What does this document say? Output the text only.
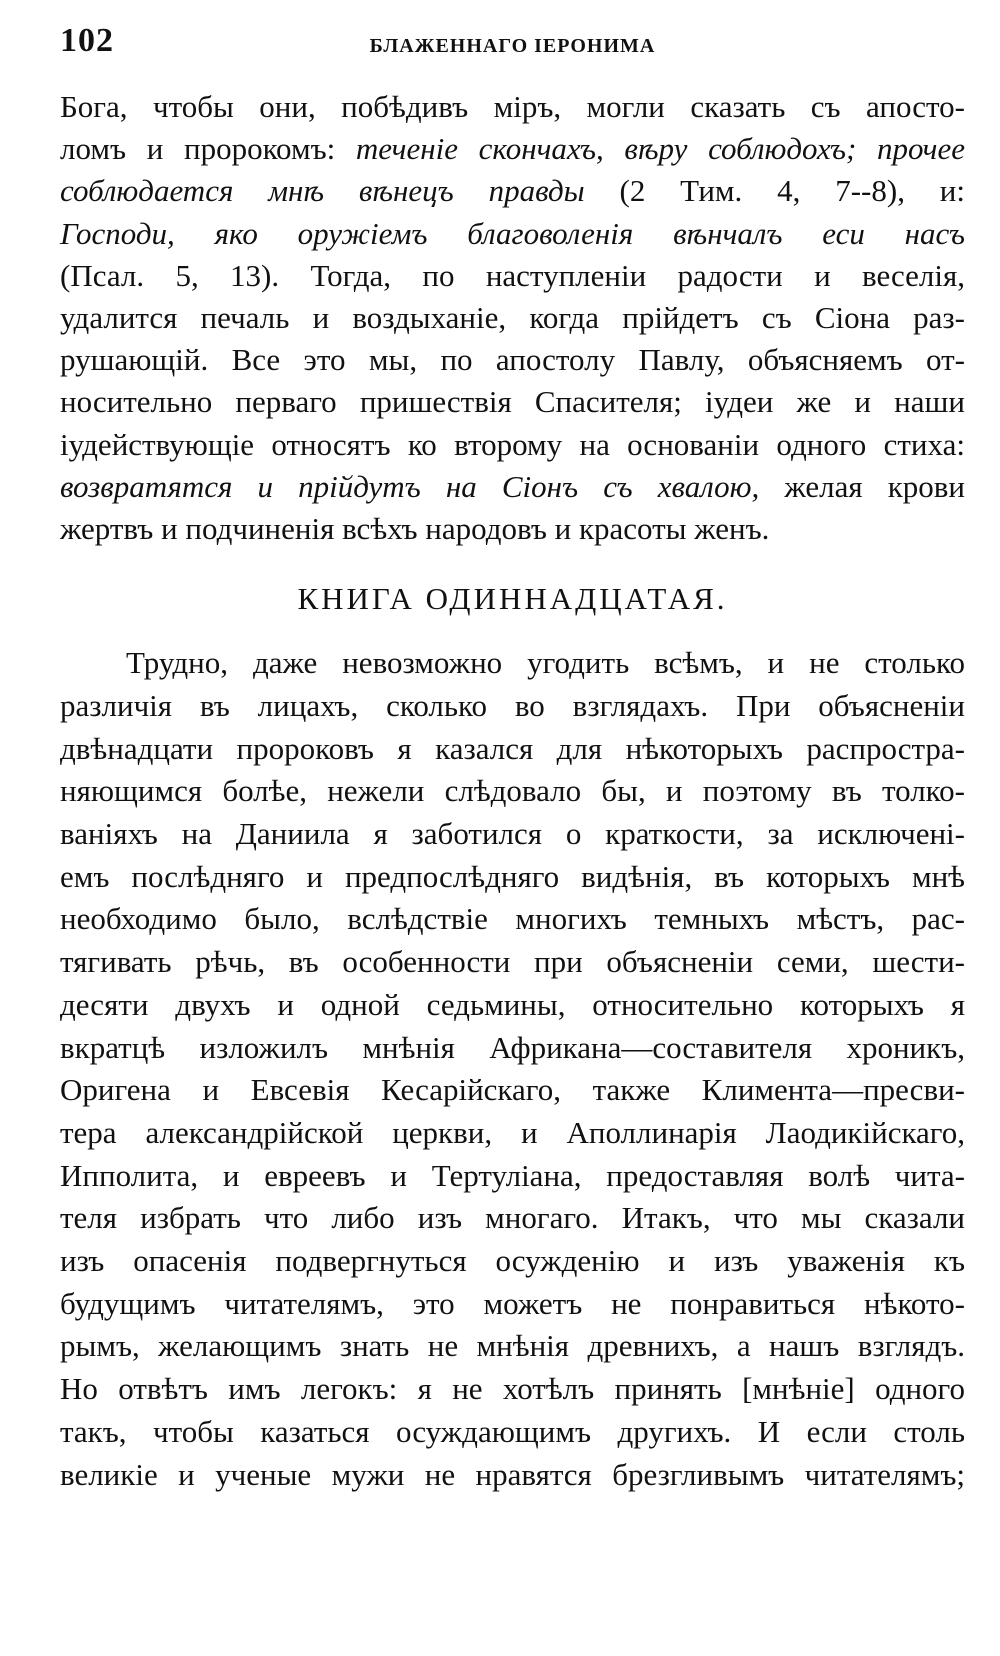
102	БЛАЖЕННАГО IЕРОНИМА
Бога, чтобы они, побѣдивъ мiръ, могли сказать съ апосто-
ломъ и пророкомъ: теченiе скончахъ, вѣру соблюдохъ; прочее
соблюдается мнѣ вѣнецъ правды (2 Тим. 4, 7--8), и:
Господи, яко оружiемъ благоволенiя вѣнчалъ еси насъ
(Псал. 5, 13). Тогда, по наступленiи радости и веселiя,
удалится печаль и воздыханiе, когда прiйдетъ съ Сiона раз-
рушающiй. Все это мы, по апостолу Павлу, объясняемъ от-
носительно перваго пришествiя Спасителя; iудеи же и наши
iудействующiе относятъ ко второму на основанiи одного стиха:
возвратятся и прiйдутъ на Сiонъ съ хвалою, желая крови
жертвъ и подчиненiя всѣхъ народовъ и красоты женъ.
КНИГА ОДИННАДЦАТАЯ.
Трудно, даже невозможно угодить всѣмъ, и не столько
различiя въ лицахъ, сколько во взглядахъ. При объясненiи
двѣнадцати пророковъ я казался для нѣкоторыхъ распростра-
няющимся болѣе, нежели слѣдовало бы, и поэтому въ толко-
ванiяхъ на Даниила я заботился о краткости, за исключенi-
емъ послѣдняго и предпослѣдняго видѣнiя, въ которыхъ мнѣ
необходимо было, вслѣдствiе многихъ темныхъ мѣстъ, рас-
тягивать рѣчь, въ особенности при объясненiи семи, шести-
десяти двухъ и одной седьмины, относительно которыхъ я
вкратцѣ изложилъ мнѣнiя Африкана—составителя хроникъ,
Оригена и Евсевiя Кесарiйскаго, также Климента—пресви-
тера александрiйской церкви, и Аполлинарiя Лаодикiйскаго,
Ипполита, и евреевъ и Тертулiана, предоставляя волѣ чита-
теля избрать что либо изъ многаго. Итакъ, что мы сказали
изъ опасенiя подвергнуться осужденiю и изъ уваженiя къ
будущимъ читателямъ, это можетъ не понравиться нѣкото-
рымъ, желающимъ знать не мнѣнiя древнихъ, а нашъ взглядъ.
Но отвѣтъ имъ легокъ: я не хотѣлъ принять [мнѣнiе] одного
такъ, чтобы казаться осуждающимъ другихъ. И если столь
великiе и ученые мужи не нравятся брезгливымъ читателямъ;
